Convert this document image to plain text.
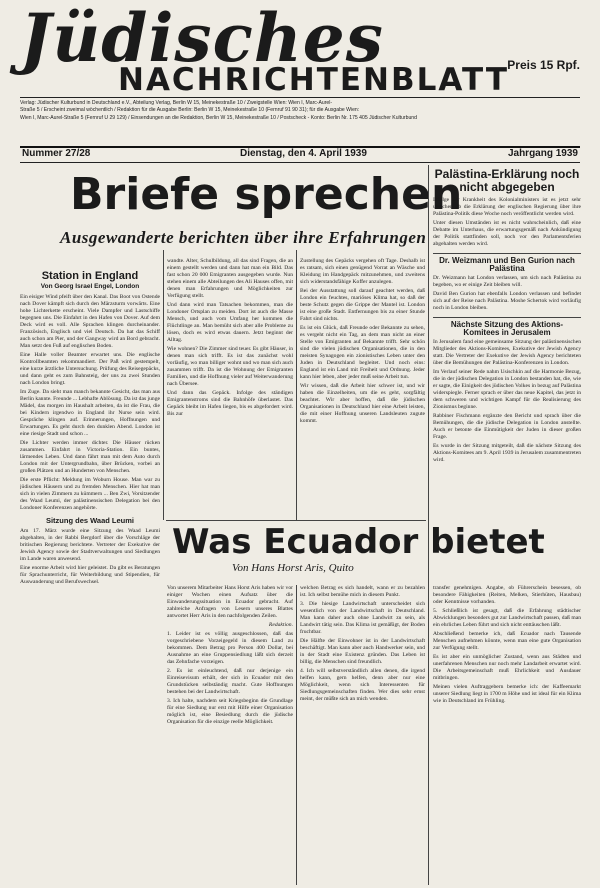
Jüdisches
NACHRICHTENBLATT
Preis 15 Rpf.
Verlag: Jüdischer Kulturbund in Deutschland e.V., Abteilung Verlag, Berlin W 15, Meinekestraße 10 / Zweigstelle Wien: Wien I, Marc-Aurel-
Straße 5 / Erscheint zweimal wöchentlich / Redaktion für die Ausgabe Berlin: Berlin W 15, Meinekestraße 10 (Fernruf 91 90 31); für die Ausgabe Wien:
Wien I, Marc-Aurel-Straße 5 (Fernruf U 29 129) / Einsendungen an die Redaktion, Berlin W 15, Meinekestraße 10 / Postscheck - Konto: Berlin Nr. 175 405 Jüdischer Kulturbund
Nummer 27/28	Dienstag, den 4. April 1939	Jahrgang 1939
Briefe sprechen
Ausgewanderte berichten über ihre Erfahrungen
Station in England
Von Georg Israel Engel, London

Ein eisiger Wind pfeift über den Kanal. Das Boot von Ostende nach Dover kämpft sich durch den Märzsturm vorwärts. Eine hohe Lichterkette erscheint. Viele Dampfer und Lastschiffe begegnen uns. Die Einfahrt in den Hafen von Dover. Auf dem Deck wird es voll. Alle Sprachen klingen durcheinander. Französisch, Englisch und viel Deutsch. Da hat das Schiff auch schon am Pier, und der Gangway wird an Bord gebracht. Man setzt den Fuß auf englischen Boden.

Eine Halle voller Beamter erwartet uns. Die englische Kontrollbeamten rekommandiert. Der Paß wird gestempelt, eine kurze ärztliche Untersuchung. Prüfung des Reisegepäcks, und dann geht es zum Bahnsteig, der uns zu zwei Stunden nach London bringt.

Im Zuge. Da sieht man manch bekannte Gesicht, das man aus Berlin kannte. Freunde ... Lebhafte Ablösung. Da ist das junge Mädel, das morgen im Haushalt arbeiten, da ist die Frau, die bei Kindern irgendwo in England ihr Nurse sein wird. Gespräche klingen auf. Erinnerungen, Hoffnungen und Erwartungen. Es geht durch den dunklen Abend. London ist eine riesige Stadt und schon ...

Die Lichter werden immer dichter. Die Häuser rücken zusammen. Einfahrt in Victoria-Station. Ein buntes, lärmendes Leben. Und dann fährt man mit dem Auto durch London mit der Untergrundbahn, über Brücken, vorbei an großen Plätzen und an Hunderten von Menschen.

Die erste Pflicht: Meldung im Woburn House. Man war zu jüdischen Häusern und zu fremden Menschen. Hier hat man sich in vielen Zimmern zu kümmern ... Ben Zwi, Vorsitzender des Waad Leumi, der palästinensischen Delegation bei den Londoner Konferenzen angehörte.

Sitzung des Waad Leumi

Am 17. März wurde eine Sitzung des Waad Leumi abgehalten, in der Rabbi Bergdorf über die Vorschläge der britischen Regierung berichtete. Vertreter der Exekutive der Jewish Agency sowie der Stadtverwaltungen und Siedlungen im Lande waren anwesend.

Eine enorme Arbeit wird hier geleistet. Da gibt es Beratungen für Sprachunterricht, für Weiterbildung und Stipendien, für Auswanderung und Berufswechsel.

wandte. Alter, Schulbildung, all das sind Fragen, die an einem gestellt werden und dann hat man ein Bild. Das fast schon 20 000 Emigranten ausgegeben wurde. Nun stehen einem alle Abteilungen des Ali Hauses offen, mit denen man Erfahrungen und Möglichkeiten zur Verfügung stellt.

Und dann wird man Tatsachen bekommen, man die Londoner Ortsplan zu meiden. Dort ist auch die Masse Mensch, und auch vom Umfang her kommen die Flüchtlinge an. Man bemüht sich aber alle Probleme zu lösen, doch es wird etwas dauern. Jetzt beginnt der Alltag.

Wie wohnen? Die Zimmer sind teuer. Es gibt Häuser, in denen man sich trifft. Es ist das zunächst wohl vorläufig, wo man billiger wohnt und wo man sich auch zusammen trifft. Da ist die Wohnung der Emigranten Familien, und die Hoffnung vieler auf Weiterwanderung nach Übersee.

Und dann das Gepäck. Infolge des ständigen Emigrantenstroms sind die Bahnhöfe überlastet. Das Gepäck bleibt im Hafen liegen, bis es abgefordert wird. Bis zur

Zustellung des Gepäcks vergehen oft Tage. Deshalb ist es ratsam, sich einen genügend Vorrat an Wäsche und Kleidung im Handgepäck mitzunehmen, und zweitens sich widerstandsfähige Koffer anzulegen.

Bei der Ausstattung soll darauf geachtet werden, daß London ein feuchtes, mariöses Klima hat, so daß der beste Schutz gegen die Grippe der Mantel ist. London ist eine große Stadt. Entfernungen bis zu einer Stunde Fahrt sind nichts.

Es ist ein Glück, daß Freunde oder Bekannte zu sehen, es vergeht nicht ein Tag, an dem man nicht an einer Stelle von Emigranten auf Bekannte trifft. Sehr schön sind die vielen jüdischen Organisationen, die in den meisten Synagogen ein zionistisches Leben unter den Juden in Deutschland begleitet. Und noch eins: England ist ein Land mit Freiheit und Ordnung. Jeder kann hier leben, aber jeder muß seine Arbeit tun.

Wir wissen, daß die Arbeit hier schwer ist, und wir haben die Einzelheiten, um die es geht, sorgfältig beachtet. Wir aber hoffen, daß die jüdischen Organisationen in Deutschland hier eine Arbeit leisten, die mit einer Hoffnung unseren Landsleuten zugute kommt.

Palästina-Erklärung noch nicht abgegeben

Infolge der Krankheit des Kolonialministers ist es jetzt sehr unsicher, ob die Erklärung der englischen Regierung über ihre Palästina-Politik diese Woche noch veröffentlicht werden wird.

Unter diesen Umständen ist es nicht wahrscheinlich, daß eine Debatte im Unterhaus, die erwartungsgemäß nach Ankündigung der Politik stattfinden soll, noch vor den Parlamentsferien abgehalten werden wird.

Dr. Weizmann und Ben Gurion nach Palästina

Dr. Weizmann hat London verlassen, um sich nach Palästina zu begeben, wo er einige Zeit bleiben will.

David Ben Gurion hat ebenfalls London verlassen und befindet sich auf der Reise nach Palästina. Moshe Schertok wird vorläufig noch in London bleiben.

Nächste Sitzung des Aktions-Komitees in Jerusalem

In Jerusalem fand eine gemeinsame Sitzung der palästinensischen Mitglieder des Aktions-Komitees, Exekutive der Jewish Agency statt. Die Vertreter der Exekutive der Jewish Agency berichteten über die Bemühungen der Palästina-Konferenzen in London.

Im Verlauf seiner Rede nahm Usischkin auf die Harmonie Bezug, die in der jüdischen Delegation in London bestanden hat, die, wie er sagte, die Einigkeit des jüdischen Volkes in bezug auf Palästina widerspiegle. Ferner sprach er über das neue Kapitel, das jetzt in dem schweren und wichtigen Kampf für die Realisierung des Zionismus beginne.

Rabbiner Fischmann ergänzte den Bericht und sprach über die Bemühungen, die die jüdische Delegation in London anstellte. Auch er betonte die Einmütigkeit der Juden in dieser großen Frage.

Es wurde in der Sitzung mitgeteilt, daß die nächste Sitzung des Aktions-Komitees am 9. April 1939 in Jerusalem zusammentreten wird.

Was Ecuador bietet
Von Hans Horst Aris, Quito

Von unserem Mitarbeiter Hans Horst Aris haben wir vor einiger Wochen einen Aufsatz über die Einwanderungssituation in Ecuador gebracht. Auf zahlreiche Anfragen von Lesern unseres Blattes antwortet Herr Aris in den nachfolgenden Zeilen.

Redaktion.

1. Leider ist es völlig ausgeschlossen, daß das vorgeschriebene Vorzeigegeld in diesem Land zu bekommen. Dem Betrag pro Person 400 Dollar, bei Ausnahme an eine Gruppensiedlung läßt sich derzeit das Zehnfache vorzeigen.

2. Es ist einleuchtend, daß nur derjenige ein Einreisevisum erhält, der sich in Ecuador mit den Grundstücken selbständig macht. Gute Hoffnungen bestehen bei der Landwirtschaft.

3. Ich halte, nachdem seit Kriegsbeginn die Grundlage für eine Siedlung nur erst mit Hilfe einer Organisation möglich ist, eine Besiedlung durch die jüdische Organisation für die einzige reelle Möglichkeit.

welchen Betrag es sich handelt, wann er zu bezahlen ist. Ich selbst bemühe mich in diesem Punkt.

3. Die hiesige Landwirtschaft unterscheidet sich wesentlich von der Landwirtschaft in Deutschland. Man kann daher auch ohne Landwirt zu sein, als Landwirt tätig sein. Das Klima ist gemäßigt, der Boden fruchtbar.

Die Hälfte der Einwohner ist in der Landwirtschaft beschäftigt. Man kann aber auch Handwerker sein, und in der Stadt eine Existenz gründen. Das Leben ist billig, die Menschen sind freundlich.

4. Ich will selbstverständlich allen denen, die irgend helfen kann, gern helfen, denn aber nur eine Möglichkeit, wenn sich Interessenten für Siedlungsgemeinschaften finden. Wer dies sehr ernst meint, der müßte sich an mich wenden.

transfer genehmigen. Angabe, ob Führerschein besessen, ob besondere Fähigkeiten (Reiten, Melken, Stierhüten, Hausbau) oder Kenntnisse vorhanden.

5. Schließlich ist gesagt, daß die Erfahrung städtischer Abwicklungen besonders gut zur Landwirtschaft passen, daß man ein ehrliches Leben führt und sich nicht enttäuschen läßt.

Abschließend bemerke ich, daß Ecuador nach Tausende Menschen aufnehmen könnte, wenn man eine gute Organisation zur Verfügung stellt.

Es ist aber ein unmöglicher Zustand, wenn aus Städten und unerfahrenen Menschen nur noch mehr Landarbeit erwartet wird. Die Arbeitsgemeinschaft muß Ehrlichkeit und Ausdauer mitbringen.

Meinen vielen Auftraggebern bemerke ich: der Kaffeemarkt unserer Siedlung liegt in 1700 m Höhe und ist ideal für ein Klima wie in Deutschland im Frühling.
